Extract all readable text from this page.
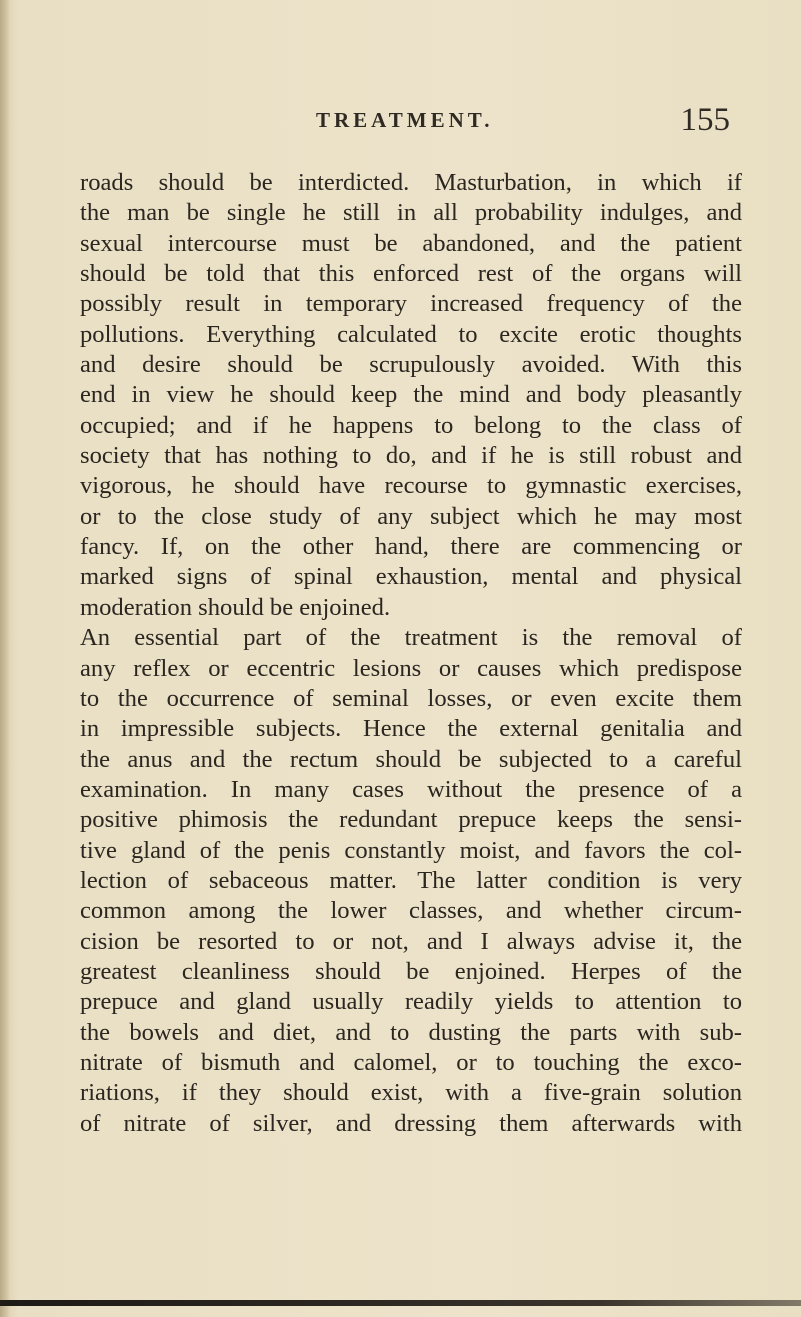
TREATMENT.	155
roads should be interdicted. Masturbation, in which if
the man be single he still in all probability indulges, and
sexual intercourse must be abandoned, and the patient
should be told that this enforced rest of the organs will
possibly result in temporary increased frequency of the
pollutions. Everything calculated to excite erotic thoughts
and desire should be scrupulously avoided. With this
end in view he should keep the mind and body pleasantly
occupied; and if he happens to belong to the class of
society that has nothing to do, and if he is still robust and
vigorous, he should have recourse to gymnastic exercises,
or to the close study of any subject which he may most
fancy. If, on the other hand, there are commencing or
marked signs of spinal exhaustion, mental and physical
moderation should be enjoined.
An essential part of the treatment is the removal of
any reflex or eccentric lesions or causes which predispose
to the occurrence of seminal losses, or even excite them
in impressible subjects. Hence the external genitalia and
the anus and the rectum should be subjected to a careful
examination. In many cases without the presence of a
positive phimosis the redundant prepuce keeps the sensi-
tive gland of the penis constantly moist, and favors the col-
lection of sebaceous matter. The latter condition is very
common among the lower classes, and whether circum-
cision be resorted to or not, and I always advise it, the
greatest cleanliness should be enjoined. Herpes of the
prepuce and gland usually readily yields to attention to
the bowels and diet, and to dusting the parts with sub-
nitrate of bismuth and calomel, or to touching the exco-
riations, if they should exist, with a five-grain solution
of nitrate of silver, and dressing them afterwards with
